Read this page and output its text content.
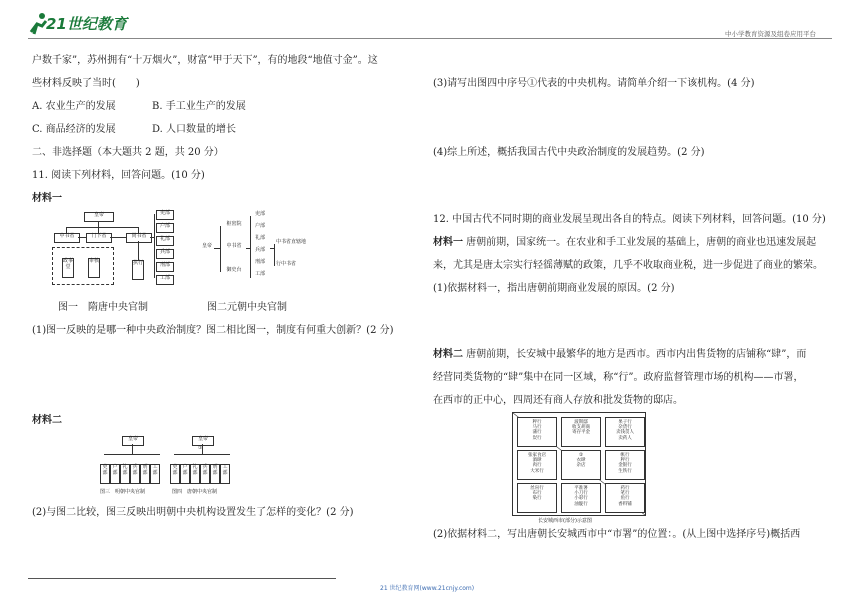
21世纪教育
中小学教育资源及组卷应用平台
户数千家”，苏州拥有“十万烟火”，财富“甲于天下”，有的地段“地值寸金”。这
些材料反映了当时(　　)
A. 农业生产的发展	B. 手工业生产的发展
C. 商品经济的发展	D. 人口数量的增长
二、非选择题（本大题共 2 题，共 20 分）
11. 阅读下列材料，回答问题。(10 分)
材料一
皇帝
中书省	门下省	尚书省
政事堂
审核	执行
吏部
户部
礼部
兵部
刑部
工部
皇帝
枢密院
中书省
御史台
吏部
户部
礼部
兵部
刑部
工部
中书省直辖地
行中书省
图一　隋唐中央官制	图二元朝中央官制
(1)图一反映的是哪一种中央政治制度？图二相比图一，制度有何重大创新？(2 分)
材料二
皇帝
吏部
户部
礼部
兵部
刑部
工部
皇帝
①
吏部
户部
礼部
兵部
刑部
工部
图三　明朝中央官制	图四　唐朝中央官制
(2)与图二比较，图三反映出明朝中央机构设置发生了怎样的变化？(2 分)
(3)请写出图四中序号①代表的中央机构。请简单介绍一下该机构。(4 分)
(4)综上所述，概括我国古代中央政治制度的发展趋势。(2 分)
12. 中国古代不同时期的商业发展呈现出各自的特点。阅读下列材料，回答问题。(10 分)
材料一 唐朝前期，国家统一。在农业和手工业发展的基础上，唐朝的商业也迅速发展起
来，尤其是唐太宗实行轻徭薄赋的政策，几乎不收取商业税，进一步促进了商业的繁荣。
(1)依据材料一，指出唐朝前期商业发展的原因。(2 分)
材料二 唐朝前期，长安城中最繁华的地方是西市。西市内出售货物的店铺称“肆”，而
经营同类货物的“肆”集中在同一区域，称“行”。政府监督管理市场的机构——市署，
在西市的正中心，四周还有商人存放和批发货物的邸店。
秤行
马行
蒲行
炭行
波斯邸
收支胡商
寄存平金
果子行
杂货行
卖钱贯人
卖药人
张家食店
酒肆
肉行
大米行
②
衣肆
杂店
帐行
秤行
金银行
生铁行
丝帛行
布行
染行
平准署
小刀行
小彩行
油靛行
药行
笔行
鱼行
香料铺
长安城西市(部分)示意图
(2)依据材料二，写出唐朝长安城西市中“市署”的位置：。(从上图中选择序号)概括西
21 世纪教育网(www.21cnjy.com)
